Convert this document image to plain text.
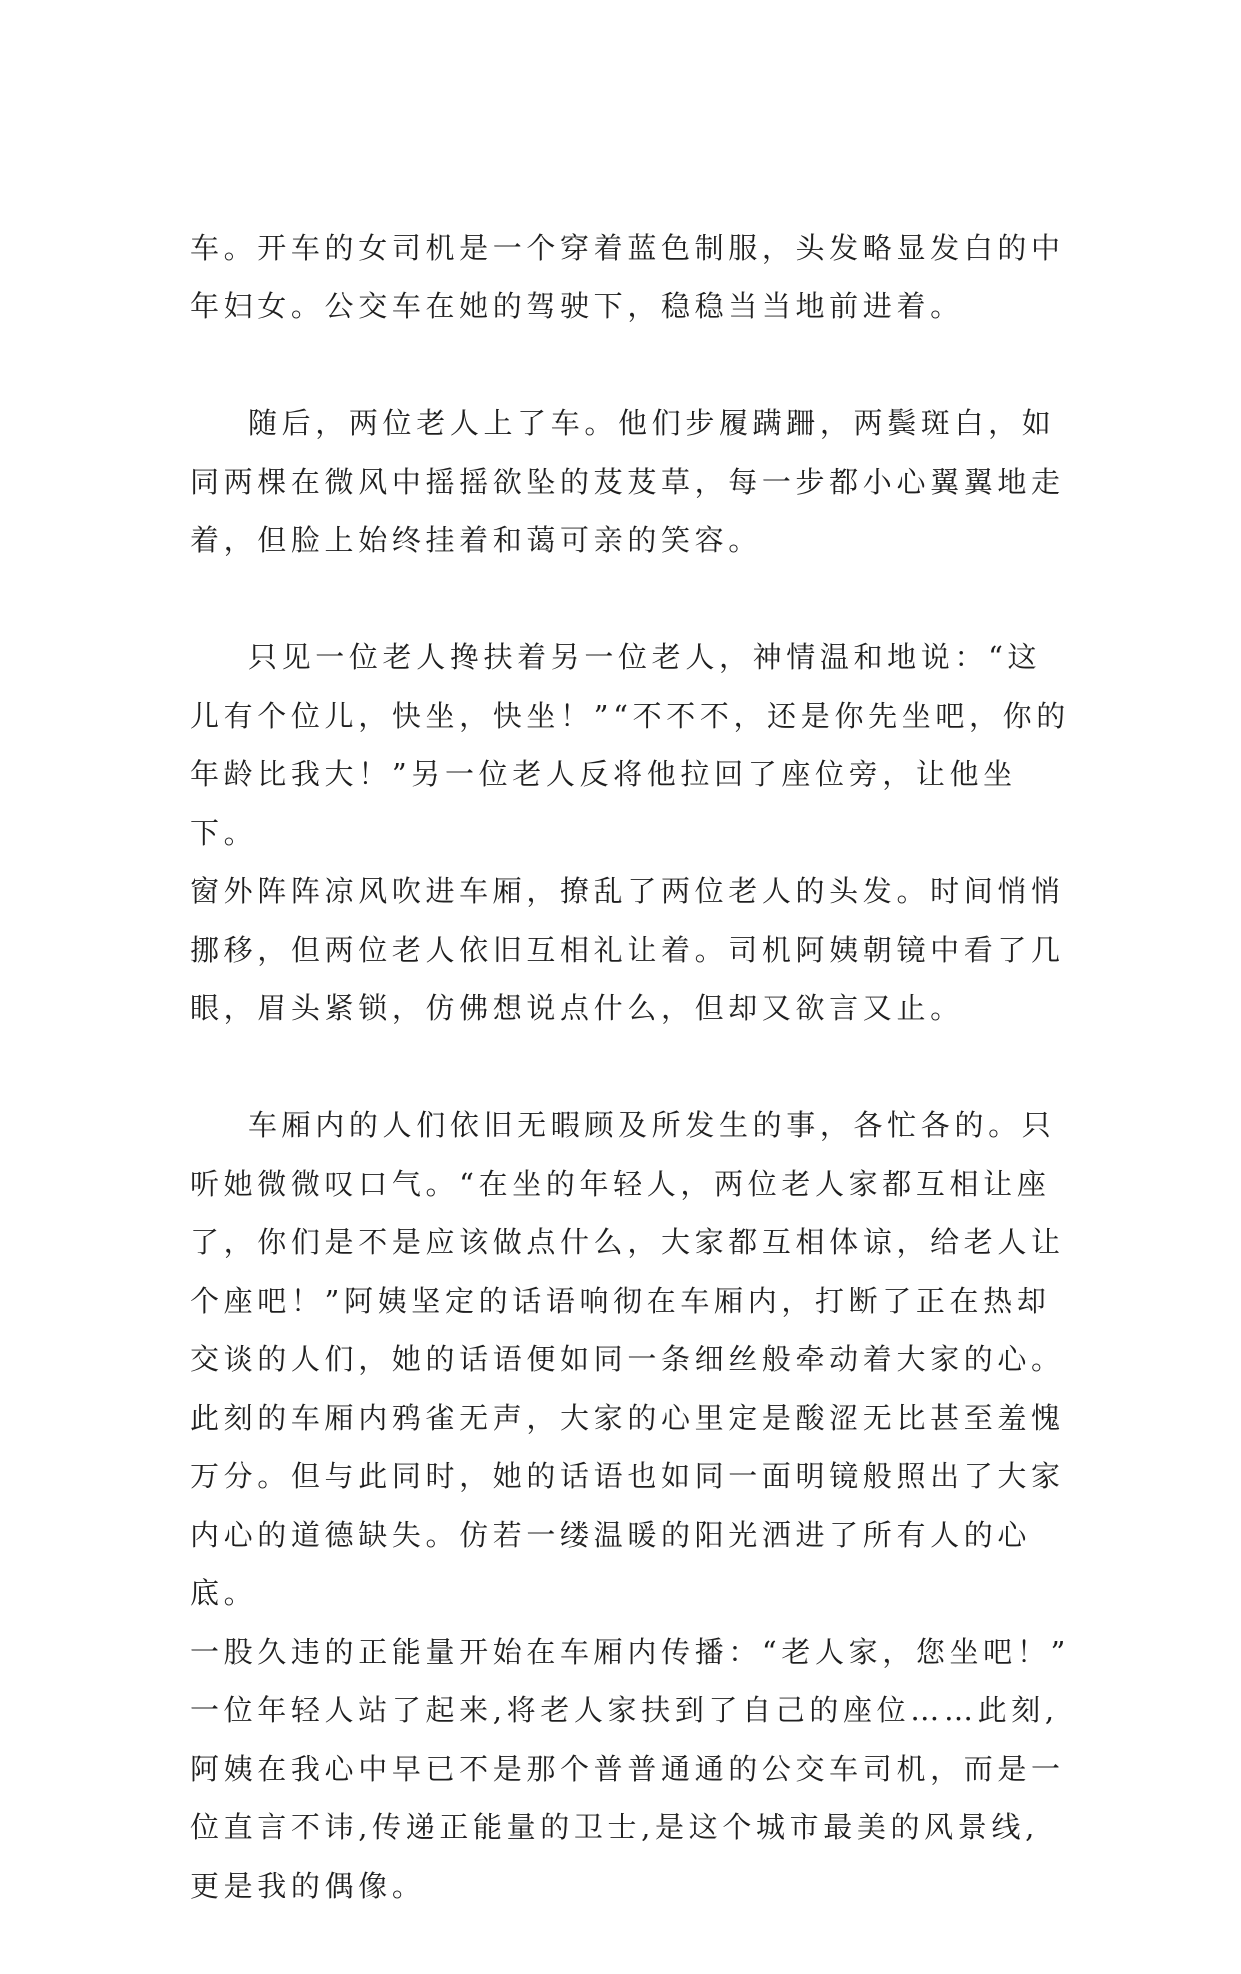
车。开车的女司机是一个穿着蓝色制服，头发略显发白的中
年妇女。公交车在她的驾驶下，稳稳当当地前进着。

随后，两位老人上了车。他们步履蹒跚，两鬓斑白，如
同两棵在微风中摇摇欲坠的芨芨草，每一步都小心翼翼地走
着，但脸上始终挂着和蔼可亲的笑容。

只见一位老人搀扶着另一位老人，神情温和地说：“这
儿有个位儿，快坐，快坐！”“不不不，还是你先坐吧，你的
年龄比我大！”另一位老人反将他拉回了座位旁，让他坐下。
窗外阵阵凉风吹进车厢，撩乱了两位老人的头发。时间悄悄
挪移，但两位老人依旧互相礼让着。司机阿姨朝镜中看了几
眼，眉头紧锁，仿佛想说点什么，但却又欲言又止。

车厢内的人们依旧无暇顾及所发生的事，各忙各的。只
听她微微叹口气。“在坐的年轻人，两位老人家都互相让座
了，你们是不是应该做点什么，大家都互相体谅，给老人让
个座吧！”阿姨坚定的话语响彻在车厢内，打断了正在热却
交谈的人们，她的话语便如同一条细丝般牵动着大家的心。
此刻的车厢内鸦雀无声，大家的心里定是酸涩无比甚至羞愧
万分。但与此同时，她的话语也如同一面明镜般照出了大家
内心的道德缺失。仿若一缕温暖的阳光洒进了所有人的心底。
一股久违的正能量开始在车厢内传播：“老人家，您坐吧！”
一位年轻人站了起来,将老人家扶到了自己的座位……此刻,
阿姨在我心中早已不是那个普普通通的公交车司机，而是一
位直言不讳,传递正能量的卫士,是这个城市最美的风景线,
更是我的偶像。
